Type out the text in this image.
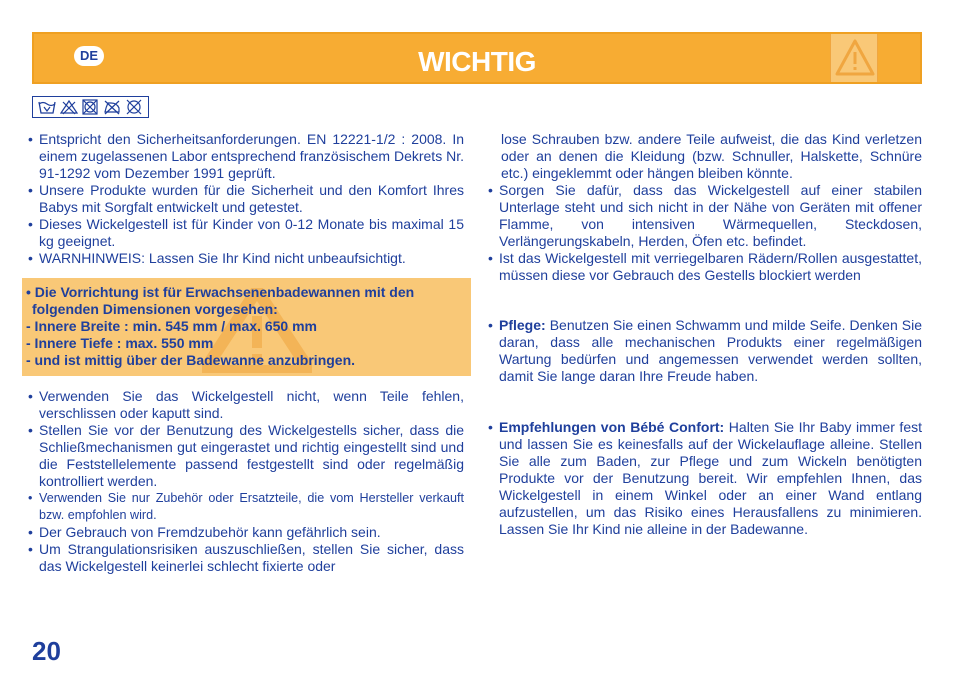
DE	WICHTIG
• Entspricht den Sicherheitsanforderungen. EN 12221-1/2 : 2008. In einem zugelassenen Labor entsprechend französischem Dekrets Nr. 91-1292 vom Dezember 1991 geprüft.
• Unsere Produkte wurden für die Sicherheit und den Komfort Ihres Babys mit Sorgfalt entwickelt und getestet.
• Dieses Wickelgestell ist für Kinder von 0-12 Monate bis maximal 15 kg geeignet.
• WARNHINWEIS: Lassen Sie Ihr Kind nicht unbeaufsichtigt.
• Die Vorrichtung ist für Erwachsenenbadewannen mit den
folgenden Dimensionen vorgesehen:
- Innere Breite : min. 545 mm / max. 650 mm
- Innere Tiefe : max. 550 mm
- und ist mittig über der Badewanne anzubringen.
• Verwenden Sie das Wickelgestell nicht, wenn Teile fehlen, verschlissen oder kaputt sind.
• Stellen Sie vor der Benutzung des Wickelgestells sicher, dass die Schließmechanismen gut eingerastet und richtig eingestellt sind und die Feststellelemente passend festgestellt sind oder regelmäßig kontrolliert werden.
• Verwenden Sie nur Zubehör oder Ersatzteile, die vom Hersteller verkauft bzw. empfohlen wird.
• Der Gebrauch von Fremdzubehör kann gefährlich sein.
• Um Strangulationsrisiken auszuschließen, stellen Sie sicher, dass das Wickelgestell keinerlei schlecht fixierte oder
lose Schrauben bzw. andere Teile aufweist, die das Kind verletzen oder an denen die Kleidung (bzw. Schnuller, Halskette, Schnüre etc.) eingeklemmt oder hängen bleiben könnte.
• Sorgen Sie dafür, dass das Wickelgestell auf einer stabilen Unterlage steht und sich nicht in der Nähe von Geräten mit offener Flamme, von intensiven Wärmequellen, Steckdosen, Verlängerungskabeln, Herden, Öfen etc. befindet.
• Ist das Wickelgestell mit verriegelbaren Rädern/Rollen ausgestattet, müssen diese vor Gebrauch des Gestells blockiert werden
• Pflege: Benutzen Sie einen Schwamm und milde Seife. Denken Sie daran, dass alle mechanischen Produkts einer regelmäßigen Wartung bedürfen und angemessen verwendet werden sollten, damit Sie lange daran Ihre Freude haben.
• Empfehlungen von Bébé Confort: Halten Sie Ihr Baby immer fest und lassen Sie es keinesfalls auf der Wickelauflage alleine. Stellen Sie alle zum Baden, zur Pflege und zum Wickeln benötigten Produkte vor der Benutzung bereit. Wir empfehlen Ihnen, das Wickelgestell in einem Winkel oder an einer Wand entlang aufzustellen, um das Risiko eines Herausfallens zu minimieren. Lassen Sie Ihr Kind nie alleine in der Badewanne.
20
